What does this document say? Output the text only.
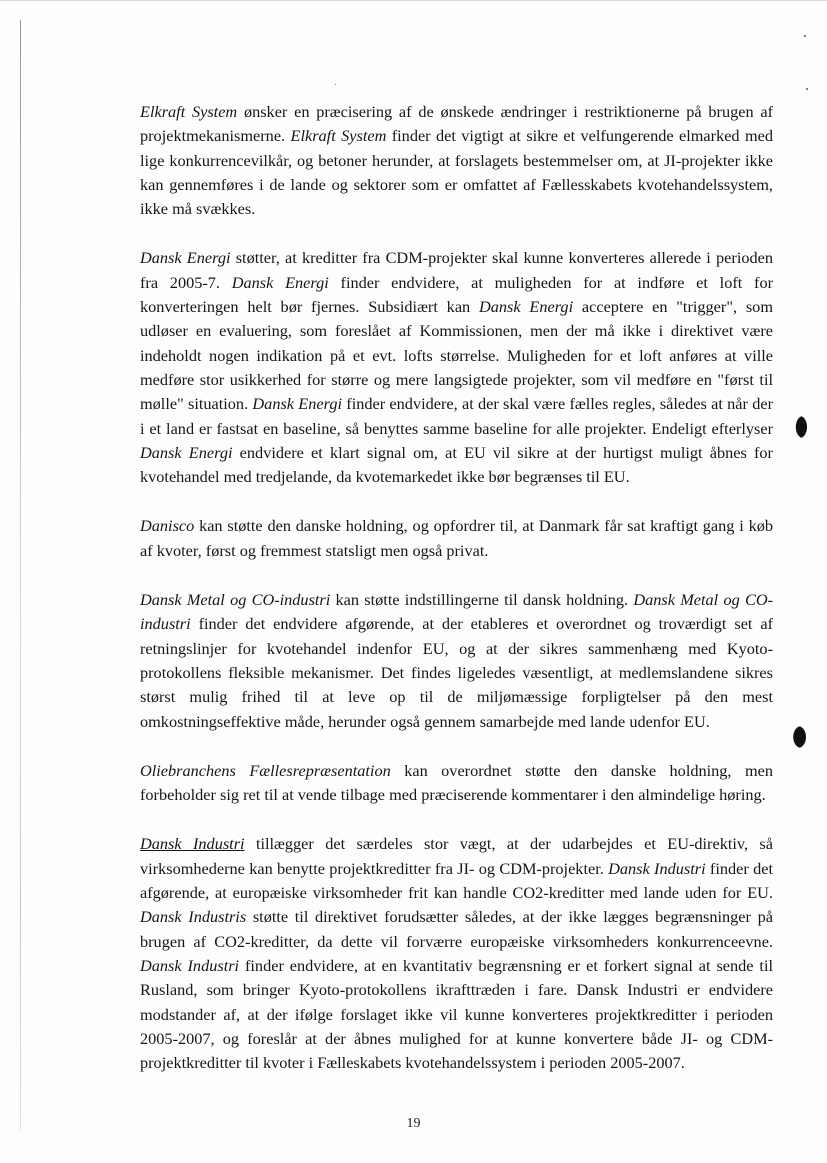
Elkraft System ønsker en præcisering af de ønskede ændringer i restriktionerne på brugen af projektmekanismerne. Elkraft System finder det vigtigt at sikre et velfungerende elmarked med lige konkurrencevilkår, og betoner herunder, at forslagets bestemmelser om, at JI-projekter ikke kan gennemføres i de lande og sektorer som er omfattet af Fællesskabets kvotehandelssystem, ikke må svækkes.

Dansk Energi støtter, at kreditter fra CDM-projekter skal kunne konverteres allerede i perioden fra 2005-7. Dansk Energi finder endvidere, at muligheden for at indføre et loft for konverteringen helt bør fjernes. Subsidiært kan Dansk Energi acceptere en "trigger", som udløser en evaluering, som foreslået af Kommissionen, men der må ikke i direktivet være indeholdt nogen indikation på et evt. lofts størrelse. Muligheden for et loft anføres at ville medføre stor usikkerhed for større og mere langsigtede projekter, som vil medføre en "først til mølle" situation. Dansk Energi finder endvidere, at der skal være fælles regles, således at når der i et land er fastsat en baseline, så benyttes samme baseline for alle projekter. Endeligt efterlyser Dansk Energi endvidere et klart signal om, at EU vil sikre at der hurtigst muligt åbnes for kvotehandel med tredjelande, da kvotemarkedet ikke bør begrænses til EU.

Danisco kan støtte den danske holdning, og opfordrer til, at Danmark får sat kraftigt gang i køb af kvoter, først og fremmest statsligt men også privat.

Dansk Metal og CO-industri kan støtte indstillingerne til dansk holdning. Dansk Metal og CO-industri finder det endvidere afgørende, at der etableres et overordnet og troværdigt set af retningslinjer for kvotehandel indenfor EU, og at der sikres sammenhæng med Kyoto-protokollens fleksible mekanismer. Det findes ligeledes væsentligt, at medlemslandene sikres størst mulig frihed til at leve op til de miljømæssige forpligtelser på den mest omkostningseffektive måde, herunder også gennem samarbejde med lande udenfor EU.

Oliebranchens Fællesrepræsentation kan overordnet støtte den danske holdning, men forbeholder sig ret til at vende tilbage med præciserende kommentarer i den almindelige høring.

Dansk Industri tillægger det særdeles stor vægt, at der udarbejdes et EU-direktiv, så virksomhederne kan benytte projektkreditter fra JI- og CDM-projekter. Dansk Industri finder det afgørende, at europæiske virksomheder frit kan handle CO2-kreditter med lande uden for EU. Dansk Industris støtte til direktivet forudsætter således, at der ikke lægges begrænsninger på brugen af CO2-kreditter, da dette vil forværre europæiske virksomheders konkurrenceevne. Dansk Industri finder endvidere, at en kvantitativ begrænsning er et forkert signal at sende til Rusland, som bringer Kyoto-protokollens ikrafttræden i fare. Dansk Industri er endvidere modstander af, at der ifølge forslaget ikke vil kunne konverteres projektkreditter i perioden 2005-2007, og foreslår at der åbnes mulighed for at kunne konvertere både JI- og CDM-projektkreditter til kvoter i Fælleskabets kvotehandelssystem i perioden 2005-2007.

19
